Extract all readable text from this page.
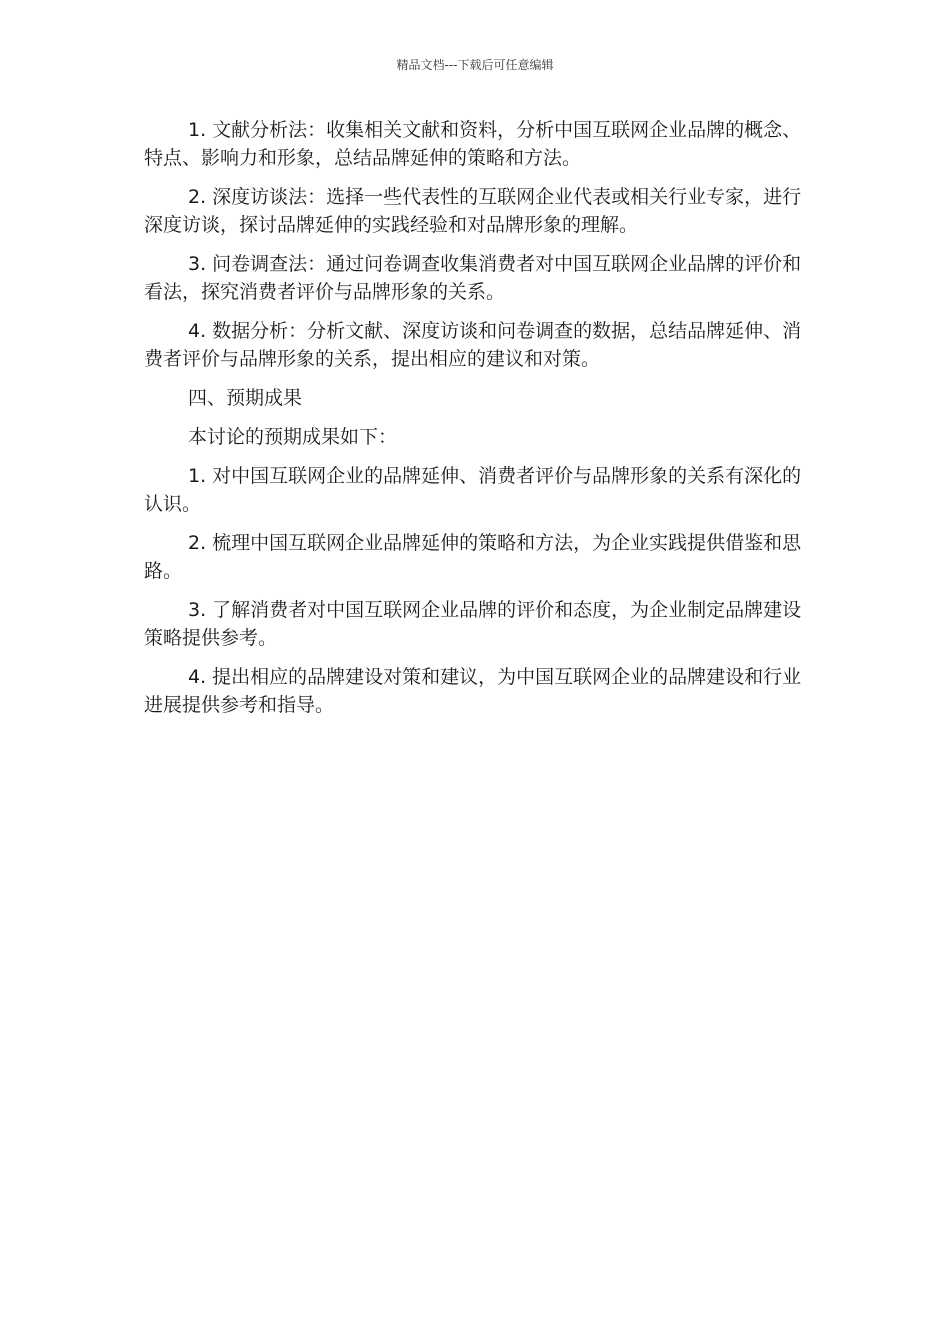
精品文档---下载后可任意编辑

1. 文献分析法：收集相关文献和资料，分析中国互联网企业品牌的概念、特点、影响力和形象，总结品牌延伸的策略和方法。

2. 深度访谈法：选择一些代表性的互联网企业代表或相关行业专家，进行深度访谈，探讨品牌延伸的实践经验和对品牌形象的理解。

3. 问卷调查法：通过问卷调查收集消费者对中国互联网企业品牌的评价和看法，探究消费者评价与品牌形象的关系。

4. 数据分析：分析文献、深度访谈和问卷调查的数据，总结品牌延伸、消费者评价与品牌形象的关系，提出相应的建议和对策。

四、预期成果

本讨论的预期成果如下：

1. 对中国互联网企业的品牌延伸、消费者评价与品牌形象的关系有深化的认识。

2. 梳理中国互联网企业品牌延伸的策略和方法，为企业实践提供借鉴和思路。

3. 了解消费者对中国互联网企业品牌的评价和态度，为企业制定品牌建设策略提供参考。

4. 提出相应的品牌建设对策和建议，为中国互联网企业的品牌建设和行业进展提供参考和指导。
